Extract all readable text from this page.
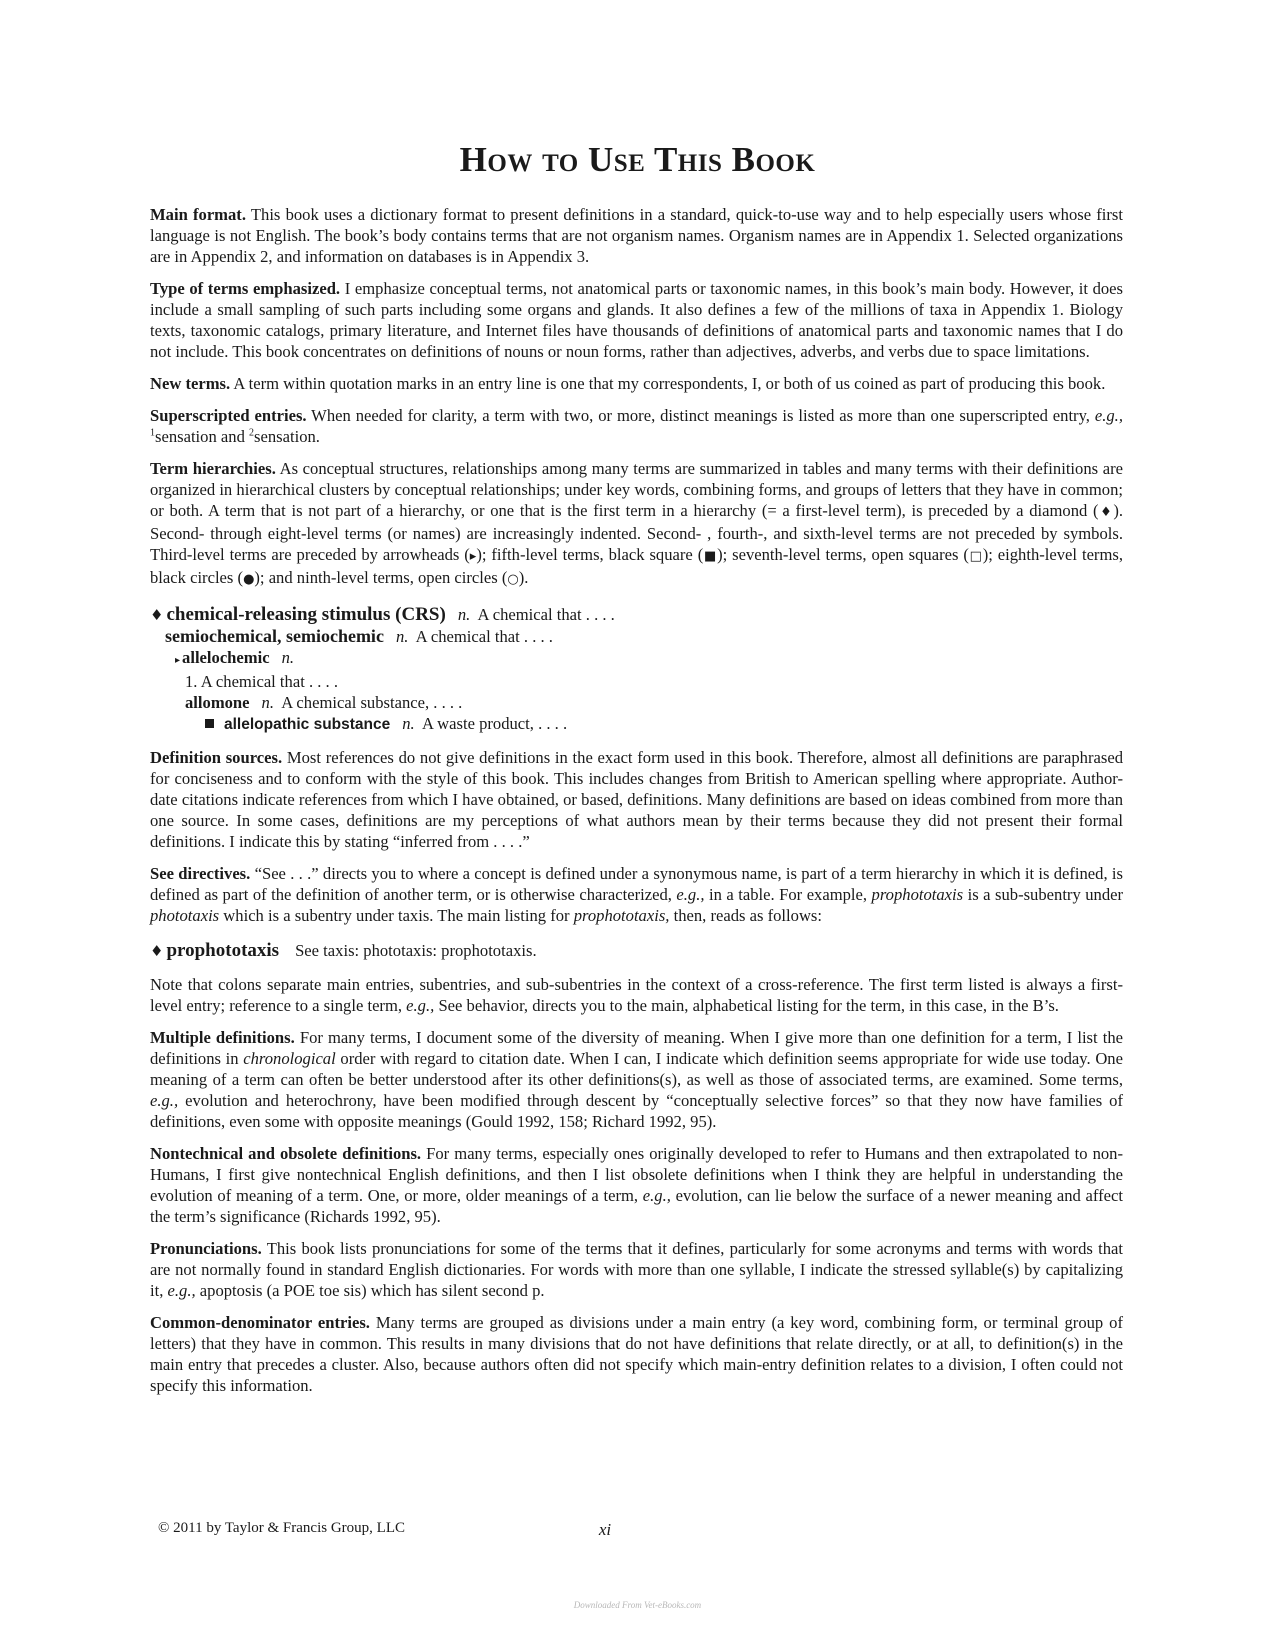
How to Use This Book

Main format. This book uses a dictionary format to present definitions in a standard, quick-to-use way and to help especially users whose first language is not English. The book’s body contains terms that are not organism names. Organism names are in Appendix 1. Selected organizations are in Appendix 2, and information on databases is in Appendix 3.

Type of terms emphasized. I emphasize conceptual terms, not anatomical parts or taxonomic names, in this book’s main body. However, it does include a small sampling of such parts including some organs and glands. It also defines a few of the millions of taxa in Appendix 1. Biology texts, taxonomic catalogs, primary literature, and Internet files have thousands of definitions of anatomical parts and taxonomic names that I do not include. This book concentrates on definitions of nouns or noun forms, rather than adjectives, adverbs, and verbs due to space limitations.

New terms. A term within quotation marks in an entry line is one that my correspondents, I, or both of us coined as part of producing this book.

Superscripted entries. When needed for clarity, a term with two, or more, distinct meanings is listed as more than one superscripted entry, e.g., $^1$sensation and $^2$sensation.

Term hierarchies. As conceptual structures, relationships among many terms are summarized in tables and many terms with their definitions are organized in hierarchical clusters by conceptual relationships; under key words, combining forms, and groups of letters that they have in common; or both. A term that is not part of a hierarchy, or one that is the first term in a hierarchy (= a first-level term), is preceded by a diamond (♦). Second- through eight-level terms (or names) are increasingly indented. Second- , fourth-, and sixth-level terms are not preceded by symbols. Third-level terms are preceded by arrowheads (▸); fifth-level terms, black square (■); seventh-level terms, open squares (□); eighth-level terms, black circles (●); and ninth-level terms, open circles (○).

♦ chemical-releasing stimulus (CRS) n. A chemical that . . . .
semiochemical, semiochemic n. A chemical that . . . .
▸ allelochemic n.
1. A chemical that . . . .
allomone n. A chemical substance, . . . .
allelopathic substance n. A waste product, . . . .

Definition sources. Most references do not give definitions in the exact form used in this book. Therefore, almost all definitions are paraphrased for conciseness and to conform with the style of this book. This includes changes from British to American spelling where appropriate. Author-date citations indicate references from which I have obtained, or based, definitions. Many definitions are based on ideas combined from more than one source. In some cases, definitions are my perceptions of what authors mean by their terms because they did not present their formal definitions. I indicate this by stating “inferred from . . . .”

See directives. “See . . .” directs you to where a concept is defined under a synonymous name, is part of a term hierarchy in which it is defined, is defined as part of the definition of another term, or is otherwise characterized, e.g., in a table. For example, prophototaxis is a sub-subentry under phototaxis which is a subentry under taxis. The main listing for prophototaxis, then, reads as follows:

♦ prophototaxis See taxis: phototaxis: prophototaxis.

Note that colons separate main entries, subentries, and sub-subentries in the context of a cross-reference. The first term listed is always a first-level entry; reference to a single term, e.g., See behavior, directs you to the main, alphabetical listing for the term, in this case, in the B’s.

Multiple definitions. For many terms, I document some of the diversity of meaning. When I give more than one definition for a term, I list the definitions in chronological order with regard to citation date. When I can, I indicate which definition seems appropriate for wide use today. One meaning of a term can often be better understood after its other definitions(s), as well as those of associated terms, are examined. Some terms, e.g., evolution and heterochrony, have been modified through descent by “conceptually selective forces” so that they now have families of definitions, even some with opposite meanings (Gould 1992, 158; Richard 1992, 95).

Nontechnical and obsolete definitions. For many terms, especially ones originally developed to refer to Humans and then extrapolated to non-Humans, I first give nontechnical English definitions, and then I list obsolete definitions when I think they are helpful in understanding the evolution of meaning of a term. One, or more, older meanings of a term, e.g., evolution, can lie below the surface of a newer meaning and affect the term’s significance (Richards 1992, 95).

Pronunciations. This book lists pronunciations for some of the terms that it defines, particularly for some acronyms and terms with words that are not normally found in standard English dictionaries. For words with more than one syllable, I indicate the stressed syllable(s) by capitalizing it, e.g., apoptosis (a POE toe sis) which has silent second p.

Common-denominator entries. Many terms are grouped as divisions under a main entry (a key word, combining form, or terminal group of letters) that they have in common. This results in many divisions that do not have definitions that relate directly, or at all, to definition(s) in the main entry that precedes a cluster. Also, because authors often did not specify which main-entry definition relates to a division, I often could not specify this information.

© 2011 by Taylor & Francis Group, LLC	xi
Downloaded From Vet-eBooks.com
